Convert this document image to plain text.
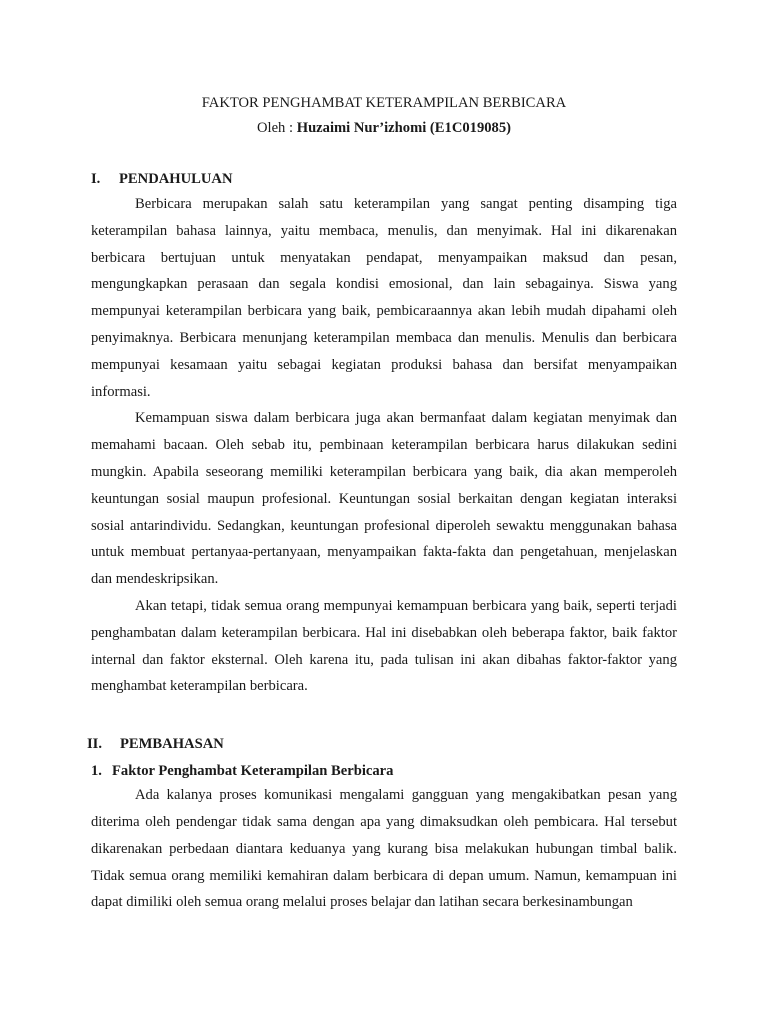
FAKTOR PENGHAMBAT KETERAMPILAN BERBICARA

Oleh : Huzaimi Nur’izhomi (E1C019085)

I.	PENDAHULUAN

Berbicara merupakan salah satu keterampilan yang sangat penting disamping tiga keterampilan bahasa lainnya, yaitu membaca, menulis, dan menyimak. Hal ini dikarenakan berbicara bertujuan untuk menyatakan pendapat, menyampaikan maksud dan pesan, mengungkapkan perasaan dan segala kondisi emosional, dan lain sebagainya. Siswa yang mempunyai keterampilan berbicara yang baik, pembicaraannya akan lebih mudah dipahami oleh penyimaknya. Berbicara menunjang keterampilan membaca dan menulis. Menulis dan berbicara mempunyai kesamaan yaitu sebagai kegiatan produksi bahasa dan bersifat menyampaikan informasi.

Kemampuan siswa dalam berbicara juga akan bermanfaat dalam kegiatan menyimak dan memahami bacaan. Oleh sebab itu, pembinaan keterampilan berbicara harus dilakukan sedini mungkin. Apabila seseorang memiliki keterampilan berbicara yang baik, dia akan memperoleh keuntungan sosial maupun profesional. Keuntungan sosial berkaitan dengan kegiatan interaksi sosial antarindividu. Sedangkan, keuntungan profesional diperoleh sewaktu menggunakan bahasa untuk membuat pertanyaa-pertanyaan, menyampaikan fakta-fakta dan pengetahuan, menjelaskan dan mendeskripsikan.

Akan tetapi, tidak semua orang mempunyai kemampuan berbicara yang baik, seperti terjadi penghambatan dalam keterampilan berbicara. Hal ini disebabkan oleh beberapa faktor, baik faktor internal dan faktor eksternal. Oleh karena itu, pada tulisan ini akan dibahas faktor-faktor yang menghambat keterampilan berbicara.

II.	PEMBAHASAN
1. Faktor Penghambat Keterampilan Berbicara

Ada kalanya proses komunikasi mengalami gangguan yang mengakibatkan pesan yang diterima oleh pendengar tidak sama dengan apa yang dimaksudkan oleh pembicara. Hal tersebut dikarenakan perbedaan diantara keduanya yang kurang bisa melakukan hubungan timbal balik. Tidak semua orang memiliki kemahiran dalam berbicara di depan umum. Namun, kemampuan ini dapat dimiliki oleh semua orang melalui proses belajar dan latihan secara berkesinambungan
